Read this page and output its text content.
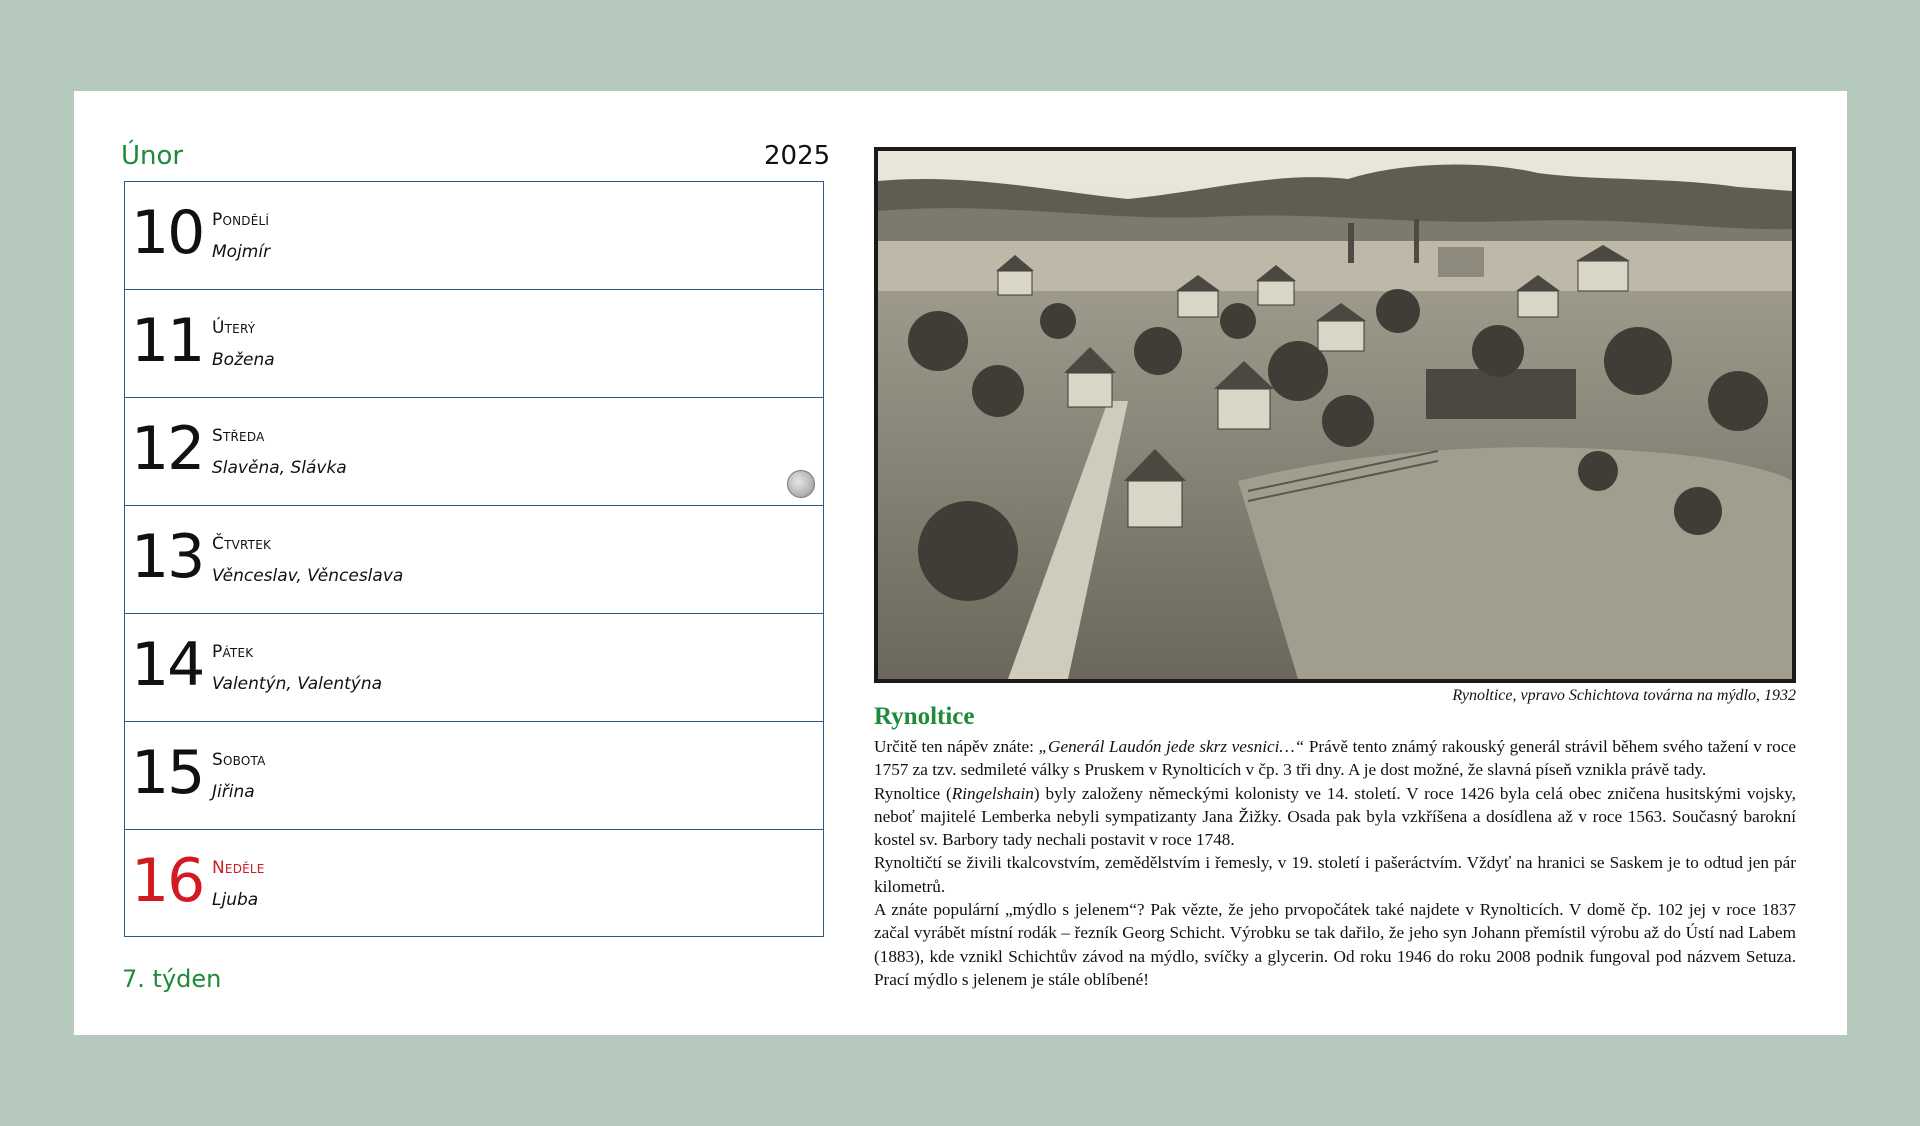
Únor	2025
10 Pondělí
Mojmír
11 Úterý
Božena
12 Středa
Slavěna, Slávka
13 Čtvrtek
Věnceslav, Věnceslava
14 Pátek
Valentýn, Valentýna
15 Sobota
Jiřina
16 Neděle
Ljuba
7. týden
Rynoltice, vpravo Schichtova továrna na mýdlo, 1932
Rynoltice

Určitě ten nápěv znáte: „Generál Laudón jede skrz vesnici…“ Právě tento známý rakouský generál strávil během svého tažení v roce 1757 za tzv. sedmileté války s Pruskem v Rynolticích v čp. 3 tři dny. A je dost možné, že slavná píseň vznikla právě tady.

Rynoltice (Ringelshain) byly založeny německými kolonisty ve 14. století. V roce 1426 byla celá obec zničena husitskými vojsky, neboť majitelé Lemberka nebyli sympatizanty Jana Žižky. Osada pak byla vzkříšena a dosídlena až v roce 1563. Současný barokní kostel sv. Barbory tady nechali postavit v roce 1748.

Rynoltičtí se živili tkalcovstvím, zemědělstvím i řemesly, v 19. století i pašeráctvím. Vždyť na hranici se Saskem je to odtud jen pár kilometrů.

A znáte populární „mýdlo s jelenem“? Pak vězte, že jeho prvopočátek také najdete v Rynolticích. V domě čp. 102 jej v roce 1837 začal vyrábět místní rodák – řezník Georg Schicht. Výrobku se tak dařilo, že jeho syn Johann přemístil výrobu až do Ústí nad Labem (1883), kde vznikl Schichtův závod na mýdlo, svíčky a glycerin. Od roku 1946 do roku 2008 podnik fungoval pod názvem Setuza. Prací mýdlo s jelenem je stále oblíbené!
